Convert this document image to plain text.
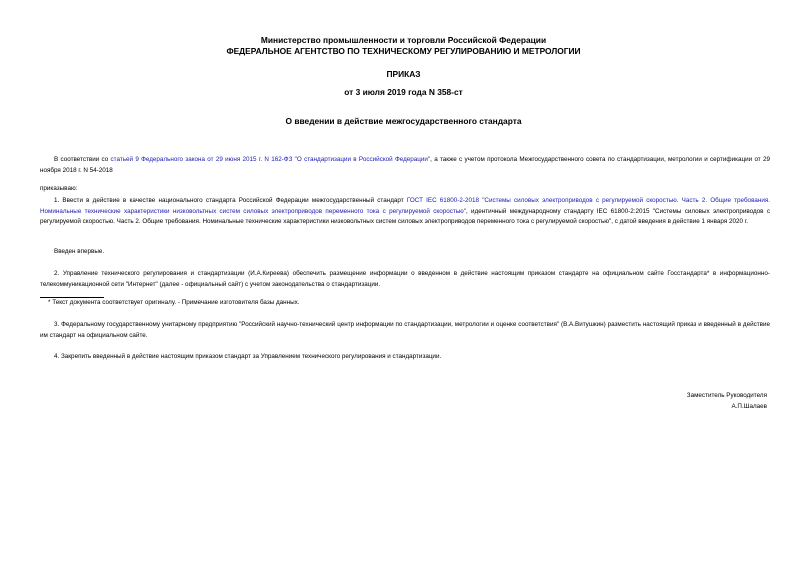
Министерство промышленности и торговли Российской Федерации
ФЕДЕРАЛЬНОЕ АГЕНТСТВО ПО ТЕХНИЧЕСКОМУ РЕГУЛИРОВАНИЮ И МЕТРОЛОГИИ
ПРИКАЗ
от 3 июля 2019 года N 358-ст
О введении в действие межгосударственного стандарта
В соответствии со статьей 9 Федерального закона от 29 июня 2015 г. N 162-ФЗ "О стандартизации в Российской Федерации", а также с учетом протокола Межгосударственного совета по стандартизации, метрологии и сертификации от 29 ноября 2018 г. N 54-2018
приказываю:
1. Ввести в действие в качестве национального стандарта Российской Федерации межгосударственный стандарт ГОСТ IEC 61800-2-2018 "Системы силовых электроприводов с регулируемой скоростью. Часть 2. Общие требования. Номинальные технические характеристики низковольтных систем силовых электроприводов переменного тока с регулируемой скоростью", идентичный международному стандарту IEC 61800-2:2015 "Системы силовых электроприводов с регулируемой скоростью. Часть 2. Общие требования. Номинальные технические характеристики низковольтных систем силовых электроприводов переменного тока с регулируемой скоростью", с датой введения в действие 1 января 2020 г.
Введен впервые.
2. Управление технического регулирования и стандартизации (И.А.Киреева) обеспечить размещение информации о введенном в действие настоящим приказом стандарте на официальном сайте Госстандарта* в информационно-телекоммуникационной сети "Интернет" (далее - официальный сайт) с учетом законодательства о стандартизации.
* Текст документа соответствует оригиналу. - Примечание изготовителя базы данных.
3. Федеральному государственному унитарному предприятию "Российский научно-технический центр информации по стандартизации, метрологии и оценке соответствия" (В.А.Витушкин) разместить настоящий приказ и введенный в действие им стандарт на официальном сайте.
4. Закрепить введенный в действие настоящим приказом стандарт за Управлением технического регулирования и стандартизации.
Заместитель Руководителя
А.П.Шалаев
